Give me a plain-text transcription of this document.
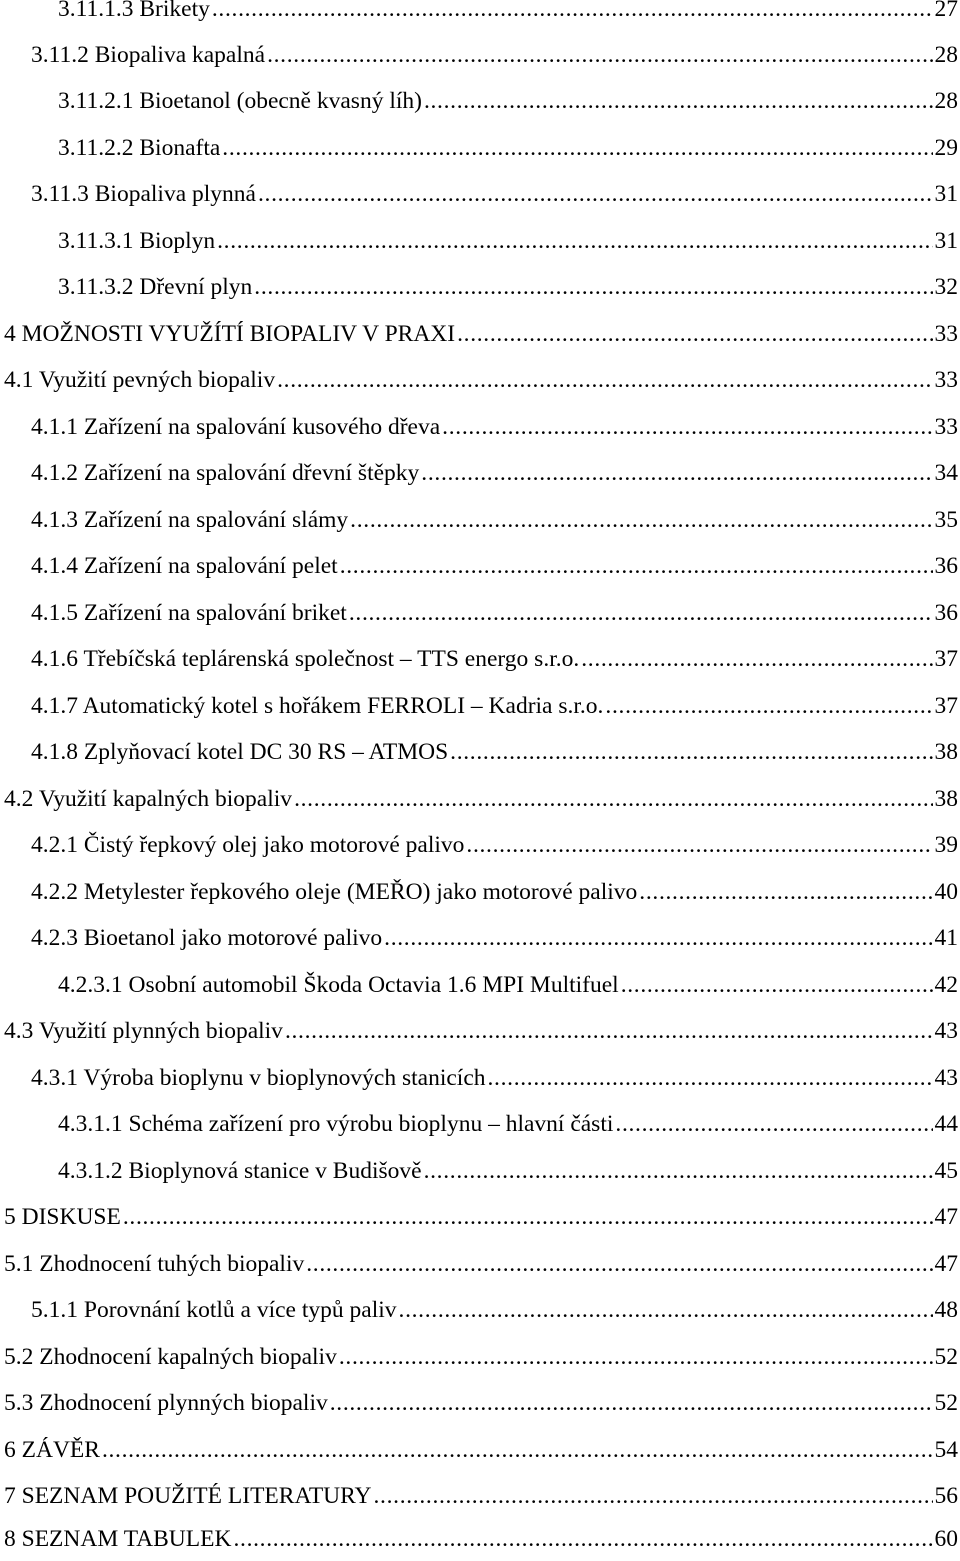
3.11.1.3 Brikety . . .	27
3.11.2 Biopaliva kapalná . . .	28
3.11.2.1 Bioetanol (obecně kvasný líh) . . .	28
3.11.2.2 Bionafta . . .	29
3.11.3 Biopaliva plynná . . .	31
3.11.3.1 Bioplyn . . .	31
3.11.3.2 Dřevní plyn . . .	32
4 MOŽNOSTI VYUŽÍTÍ BIOPALIV V PRAXI . . .	33
4.1 Využití pevných biopaliv . . .	33
4.1.1 Zařízení na spalování kusového dřeva . . .	33
4.1.2 Zařízení na spalování dřevní štěpky . . .	34
4.1.3 Zařízení na spalování slámy . . .	35
4.1.4 Zařízení na spalování pelet . . .	36
4.1.5 Zařízení na spalování briket . . .	36
4.1.6 Třebíčská teplárenská společnost – TTS energo s.r.o. . . .	37
4.1.7 Automatický kotel s hořákem FERROLI – Kadria s.r.o. . . .	37
4.1.8 Zplyňovací kotel DC 30 RS – ATMOS . . .	38
4.2 Využití kapalných biopaliv . . .	38
4.2.1 Čistý řepkový olej jako motorové palivo . . .	39
4.2.2 Metylester řepkového oleje (MEŘO) jako motorové palivo . . .	40
4.2.3 Bioetanol jako motorové palivo . . .	41
4.2.3.1 Osobní automobil Škoda Octavia 1.6 MPI Multifuel . . .	42
4.3 Využití plynných biopaliv . . .	43
4.3.1 Výroba bioplynu v bioplynových stanicích . . .	43
4.3.1.1 Schéma zařízení pro výrobu bioplynu – hlavní části . . .	44
4.3.1.2 Bioplynová stanice v Budišově . . .	45
5 DISKUSE . . .	47
5.1 Zhodnocení tuhých biopaliv . . .	47
5.1.1 Porovnání kotlů a více typů paliv . . .	48
5.2 Zhodnocení kapalných biopaliv . . .	52
5.3 Zhodnocení plynných biopaliv . . .	52
6 ZÁVĚR . . .	54
7 SEZNAM POUŽITÉ LITERATURY . . .	56
8 SEZNAM TABULEK . . .	60
